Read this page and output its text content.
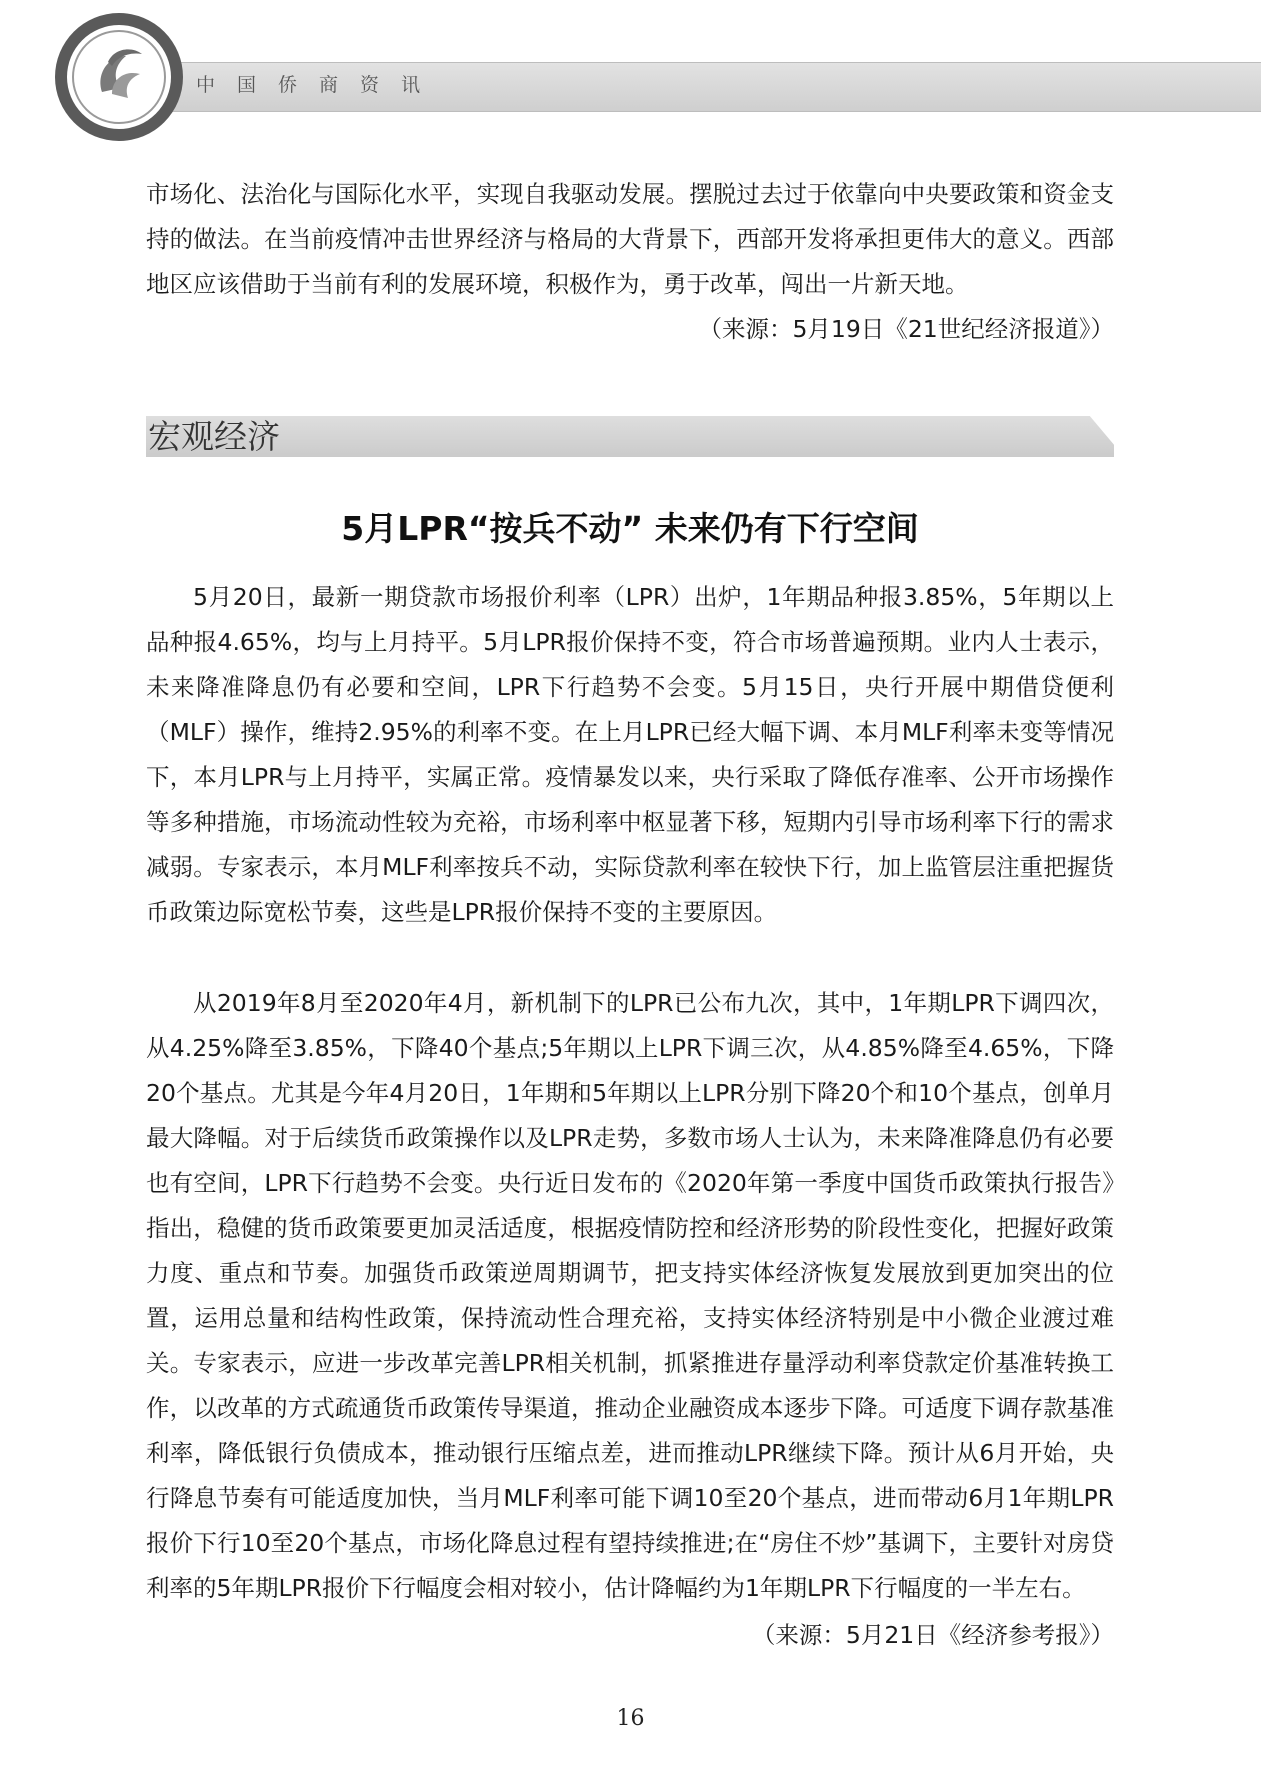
中国侨商资讯

市场化、法治化与国际化水平，实现自我驱动发展。摆脱过去过于依靠向中央要政策和资金支持的做法。在当前疫情冲击世界经济与格局的大背景下，西部开发将承担更伟大的意义。西部地区应该借助于当前有利的发展环境，积极作为，勇于改革，闯出一片新天地。

（来源：5月19日《21世纪经济报道》）

宏观经济
5月LPR“按兵不动” 未来仍有下行空间

5月20日，最新一期贷款市场报价利率（LPR）出炉，1年期品种报3.85%，5年期以上品种报4.65%，均与上月持平。5月LPR报价保持不变，符合市场普遍预期。业内人士表示，未来降准降息仍有必要和空间，LPR下行趋势不会变。5月15日，央行开展中期借贷便利（MLF）操作，维持2.95%的利率不变。在上月LPR已经大幅下调、本月MLF利率未变等情况下，本月LPR与上月持平，实属正常。疫情暴发以来，央行采取了降低存准率、公开市场操作等多种措施，市场流动性较为充裕，市场利率中枢显著下移，短期内引导市场利率下行的需求减弱。专家表示，本月MLF利率按兵不动，实际贷款利率在较快下行，加上监管层注重把握货币政策边际宽松节奏，这些是LPR报价保持不变的主要原因。

从2019年8月至2020年4月，新机制下的LPR已公布九次，其中，1年期LPR下调四次，从4.25%降至3.85%，下降40个基点;5年期以上LPR下调三次，从4.85%降至4.65%，下降20个基点。尤其是今年4月20日，1年期和5年期以上LPR分别下降20个和10个基点，创单月最大降幅。对于后续货币政策操作以及LPR走势，多数市场人士认为，未来降准降息仍有必要也有空间，LPR下行趋势不会变。央行近日发布的《2020年第一季度中国货币政策执行报告》指出，稳健的货币政策要更加灵活适度，根据疫情防控和经济形势的阶段性变化，把握好政策力度、重点和节奏。加强货币政策逆周期调节，把支持实体经济恢复发展放到更加突出的位置，运用总量和结构性政策，保持流动性合理充裕，支持实体经济特别是中小微企业渡过难关。专家表示，应进一步改革完善LPR相关机制，抓紧推进存量浮动利率贷款定价基准转换工作，以改革的方式疏通货币政策传导渠道，推动企业融资成本逐步下降。可适度下调存款基准利率，降低银行负债成本，推动银行压缩点差，进而推动LPR继续下降。预计从6月开始，央行降息节奏有可能适度加快，当月MLF利率可能下调10至20个基点，进而带动6月1年期LPR报价下行10至20个基点，市场化降息过程有望持续推进;在“房住不炒”基调下，主要针对房贷利率的5年期LPR报价下行幅度会相对较小，估计降幅约为1年期LPR下行幅度的一半左右。

（来源：5月21日《经济参考报》）

16
